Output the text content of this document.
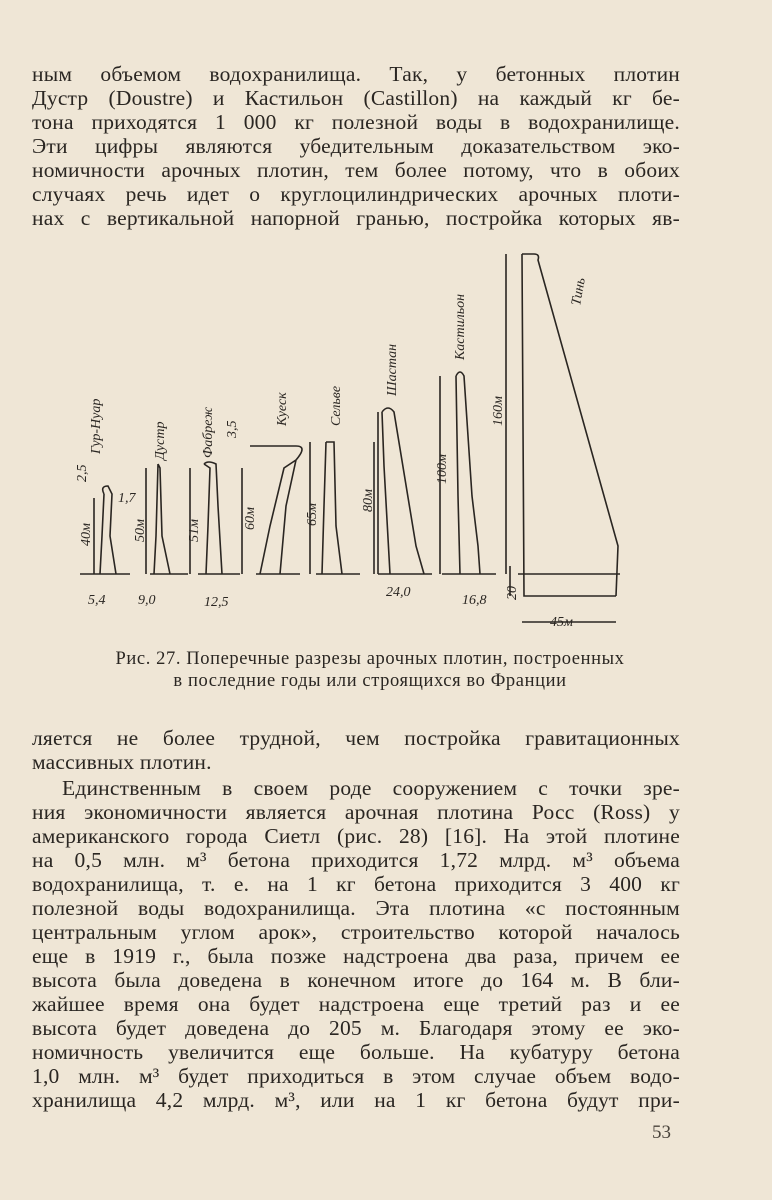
ным объемом водохранилища. Так, у бетонных плотин
Дустр (Doustre) и Кастильон (Castillon) на каждый кг бе-
тона приходятся 1 000 кг полезной воды в водохранилище.
Эти цифры являются убедительным доказательством эко-
номичности арочных плотин, тем более потому, что в обоих
случаях речь идет о круглоцилиндрических арочных плоти-
нах с вертикальной напорной гранью, постройка которых яв-
Гур-Нуар
40м
2,5
1,7
5,4
Дустр
50м
9,0
Фабреж
51м
12,5
Куеск
60м
3,5
Сельве
65м
Шастан
80м
24,0
Кастильон
100м
16,8
Тинь
160м
20
45м
Рис. 27. Поперечные разрезы арочных плотин, построенных
в последние годы или строящихся во Франции
ляется не более трудной, чем постройка гравитационных
массивных плотин.
Единственным в своем роде сооружением с точки зре-
ния экономичности является арочная плотина Росс (Ross) у
американского города Сиетл (рис. 28) [16]. На этой плотине
на 0,5 млн. м³ бетона приходится 1,72 млрд. м³ объема
водохранилища, т. е. на 1 кг бетона приходится 3 400 кг
полезной воды водохранилища. Эта плотина «с постоянным
центральным углом арок», строительство которой началось
еще в 1919 г., была позже надстроена два раза, причем ее
высота была доведена в конечном итоге до 164 м. В бли-
жайшее время она будет надстроена еще третий раз и ее
высота будет доведена до 205 м. Благодаря этому ее эко-
номичность увеличится еще больше. На кубатуру бетона
1,0 млн. м³ будет приходиться в этом случае объем водо-
хранилища 4,2 млрд. м³, или на 1 кг бетона будут при-
53
